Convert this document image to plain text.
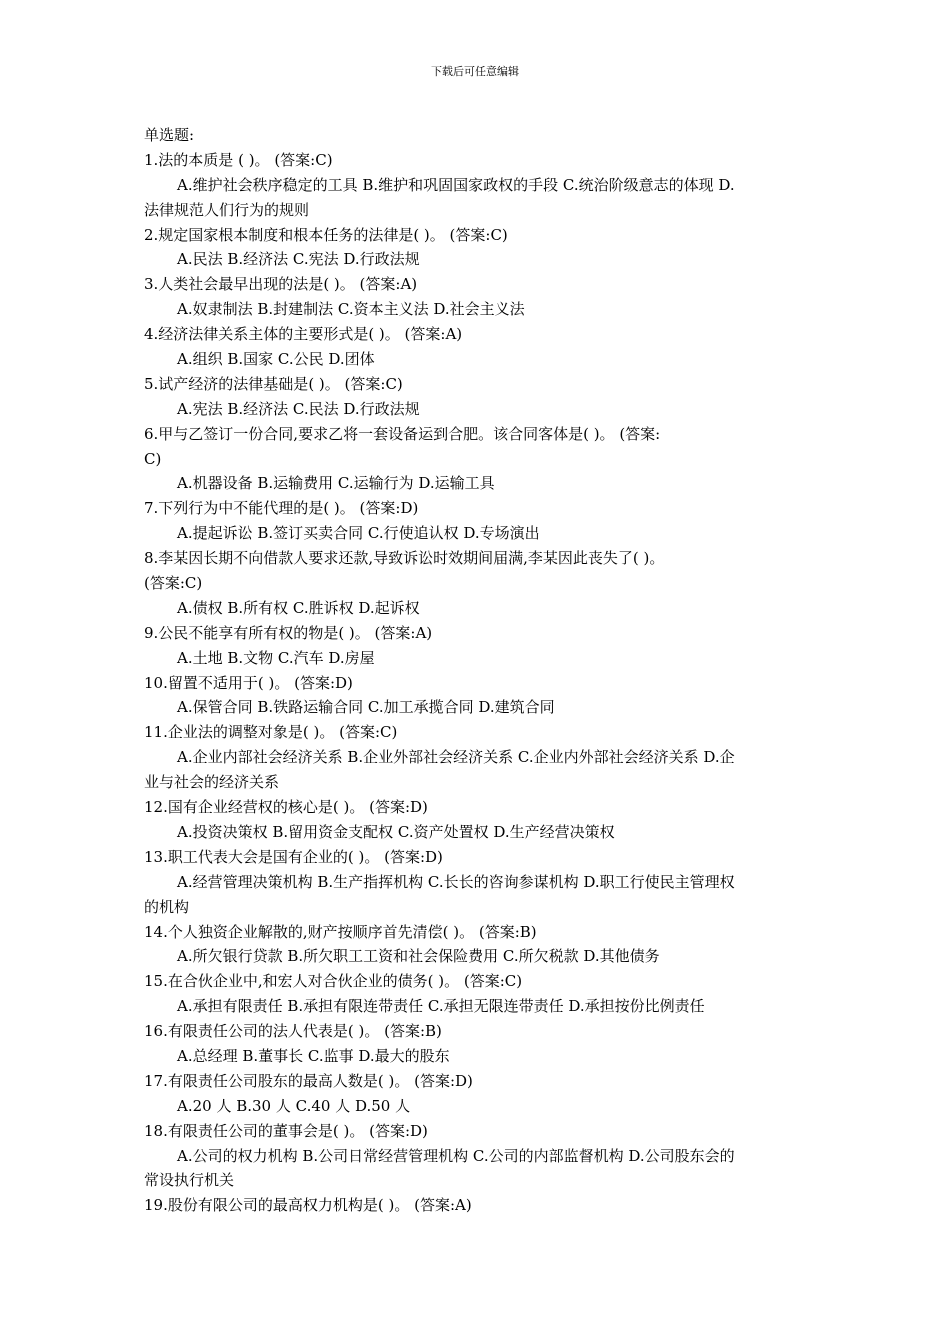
下载后可任意编辑
单选题:
1.法的本质是 ( )。 (答案:C)
A.维护社会秩序稳定的工具 B.维护和巩固国家政权的手段 C.统治阶级意志的体现 D.
法律规范人们行为的规则
2.规定国家根本制度和根本任务的法律是( )。 (答案:C)
A.民法 B.经济法 C.宪法 D.行政法规
3.人类社会最早出现的法是( )。 (答案:A)
A.奴隶制法 B.封建制法 C.资本主义法 D.社会主义法
4.经济法律关系主体的主要形式是( )。 (答案:A)
A.组织 B.国家 C.公民 D.团体
5.试产经济的法律基础是( )。 (答案:C)
A.宪法 B.经济法 C.民法 D.行政法规
6.甲与乙签订一份合同,要求乙将一套设备运到合肥。该合同客体是( )。 (答案:
C)
A.机器设备 B.运输费用 C.运输行为 D.运输工具
7.下列行为中不能代理的是( )。 (答案:D)
A.提起诉讼 B.签订买卖合同 C.行使追认权 D.专场演出
8.李某因长期不向借款人要求还款,导致诉讼时效期间届满,李某因此丧失了( )。
(答案:C)
A.债权 B.所有权 C.胜诉权 D.起诉权
9.公民不能享有所有权的物是( )。 (答案:A)
A.土地 B.文物 C.汽车 D.房屋
10.留置不适用于( )。 (答案:D)
A.保管合同 B.铁路运输合同 C.加工承揽合同 D.建筑合同
11.企业法的调整对象是( )。 (答案:C)
A.企业内部社会经济关系 B.企业外部社会经济关系 C.企业内外部社会经济关系 D.企
业与社会的经济关系
12.国有企业经营权的核心是( )。 (答案:D)
A.投资决策权 B.留用资金支配权 C.资产处置权 D.生产经营决策权
13.职工代表大会是国有企业的( )。 (答案:D)
A.经营管理决策机构 B.生产指挥机构 C.长长的咨询参谋机构 D.职工行使民主管理权
的机构
14.个人独资企业解散的,财产按顺序首先清偿( )。 (答案:B)
A.所欠银行贷款 B.所欠职工工资和社会保险费用 C.所欠税款 D.其他债务
15.在合伙企业中,和宏人对合伙企业的债务( )。 (答案:C)
A.承担有限责任 B.承担有限连带责任 C.承担无限连带责任 D.承担按份比例责任
16.有限责任公司的法人代表是( )。 (答案:B)
A.总经理 B.董事长 C.监事 D.最大的股东
17.有限责任公司股东的最高人数是( )。 (答案:D)
A.20 人 B.30 人 C.40 人 D.50 人
18.有限责任公司的董事会是( )。 (答案:D)
A.公司的权力机构 B.公司日常经营管理机构 C.公司的内部监督机构 D.公司股东会的
常设执行机关
19.股份有限公司的最高权力机构是( )。 (答案:A)
